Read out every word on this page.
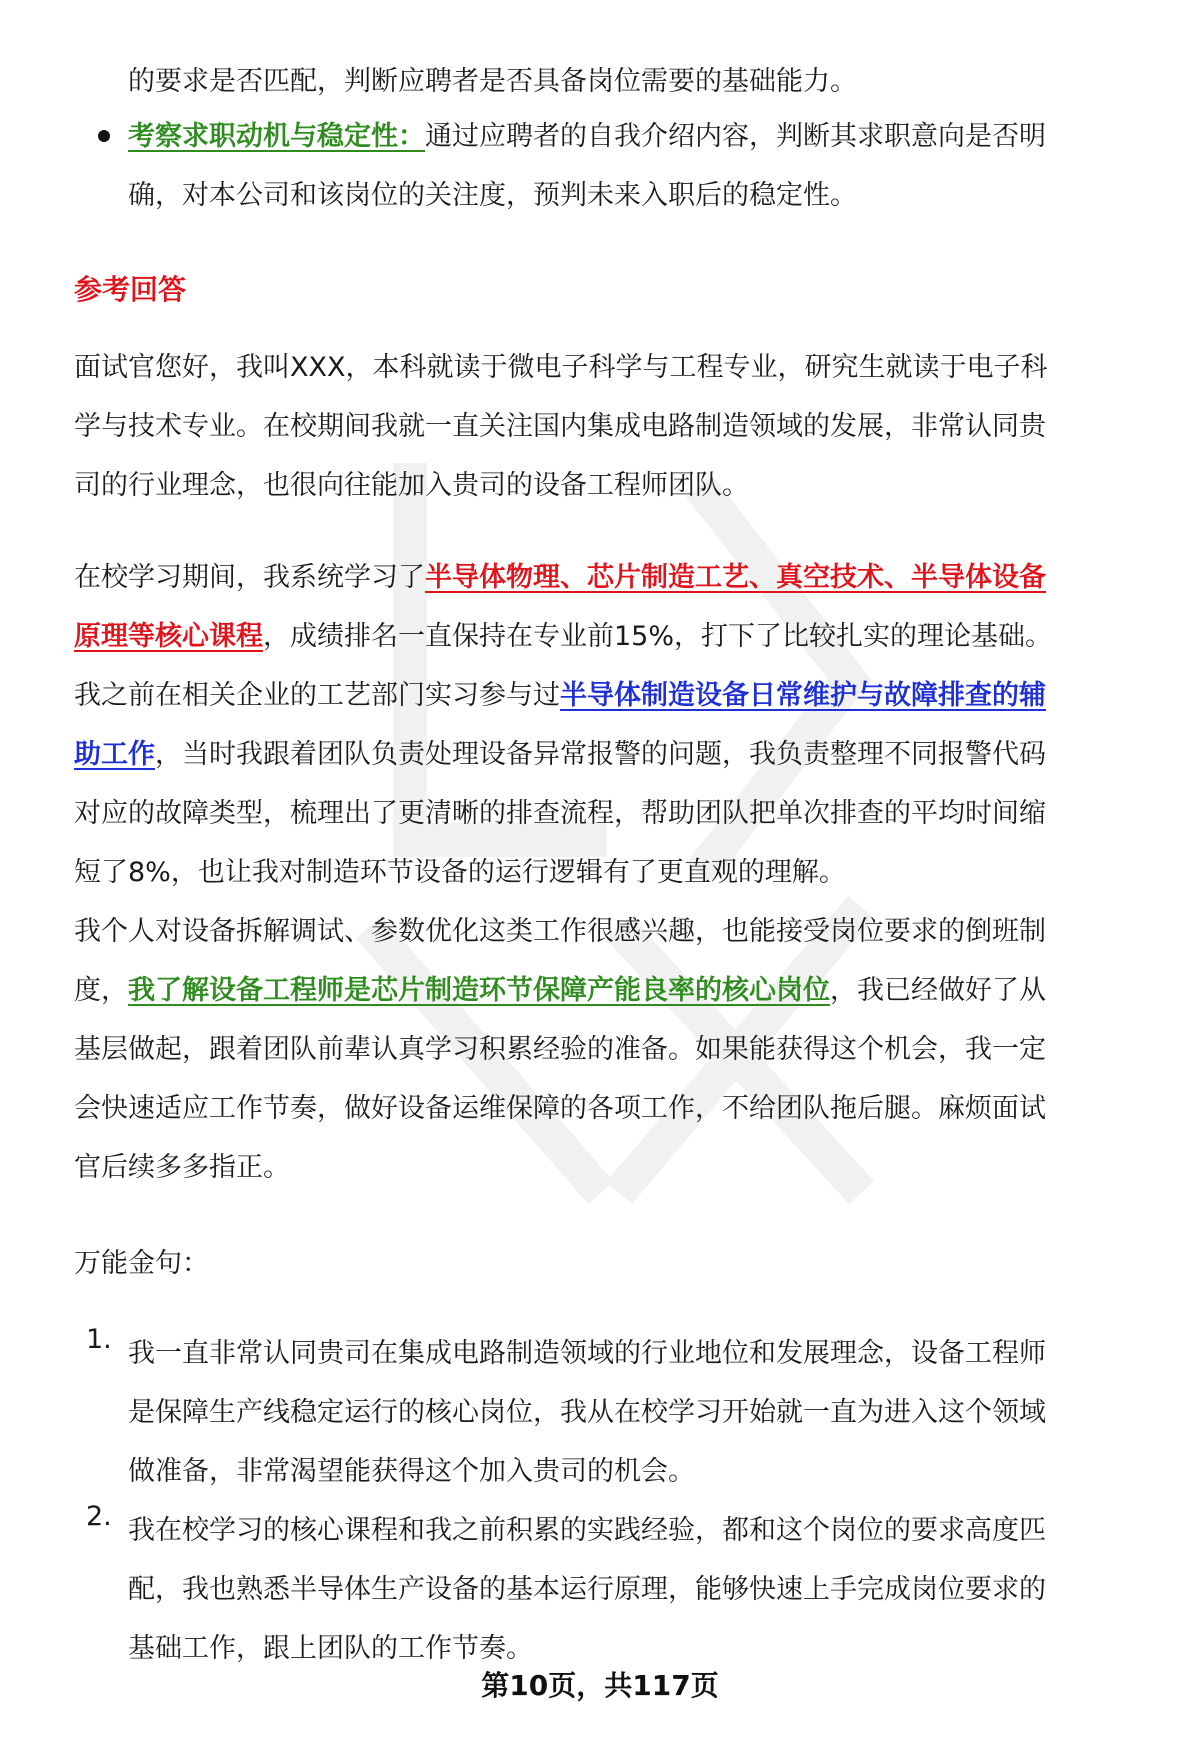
的要求是否匹配，判断应聘者是否具备岗位需要的基础能力。
考察求职动机与稳定性：通过应聘者的自我介绍内容，判断其求职意向是否明
确，对本公司和该岗位的关注度，预判未来入职后的稳定性。
参考回答
面试官您好，我叫XXX，本科就读于微电子科学与工程专业，研究生就读于电子科
学与技术专业。在校期间我就一直关注国内集成电路制造领域的发展，非常认同贵
司的行业理念，也很向往能加入贵司的设备工程师团队。
在校学习期间，我系统学习了半导体物理、芯片制造工艺、真空技术、半导体设备
原理等核心课程，成绩排名一直保持在专业前15%，打下了比较扎实的理论基础。
我之前在相关企业的工艺部门实习参与过半导体制造设备日常维护与故障排查的辅
助工作，当时我跟着团队负责处理设备异常报警的问题，我负责整理不同报警代码
对应的故障类型，梳理出了更清晰的排查流程，帮助团队把单次排查的平均时间缩
短了8%，也让我对制造环节设备的运行逻辑有了更直观的理解。
我个人对设备拆解调试、参数优化这类工作很感兴趣，也能接受岗位要求的倒班制
度，我了解设备工程师是芯片制造环节保障产能良率的核心岗位，我已经做好了从
基层做起，跟着团队前辈认真学习积累经验的准备。如果能获得这个机会，我一定
会快速适应工作节奏，做好设备运维保障的各项工作，不给团队拖后腿。麻烦面试
官后续多多指正。
万能金句：
1. 我一直非常认同贵司在集成电路制造领域的行业地位和发展理念，设备工程师
是保障生产线稳定运行的核心岗位，我从在校学习开始就一直为进入这个领域
做准备，非常渴望能获得这个加入贵司的机会。
2. 我在校学习的核心课程和我之前积累的实践经验，都和这个岗位的要求高度匹
配，我也熟悉半导体生产设备的基本运行原理，能够快速上手完成岗位要求的
基础工作，跟上团队的工作节奏。
第10页，共117页
